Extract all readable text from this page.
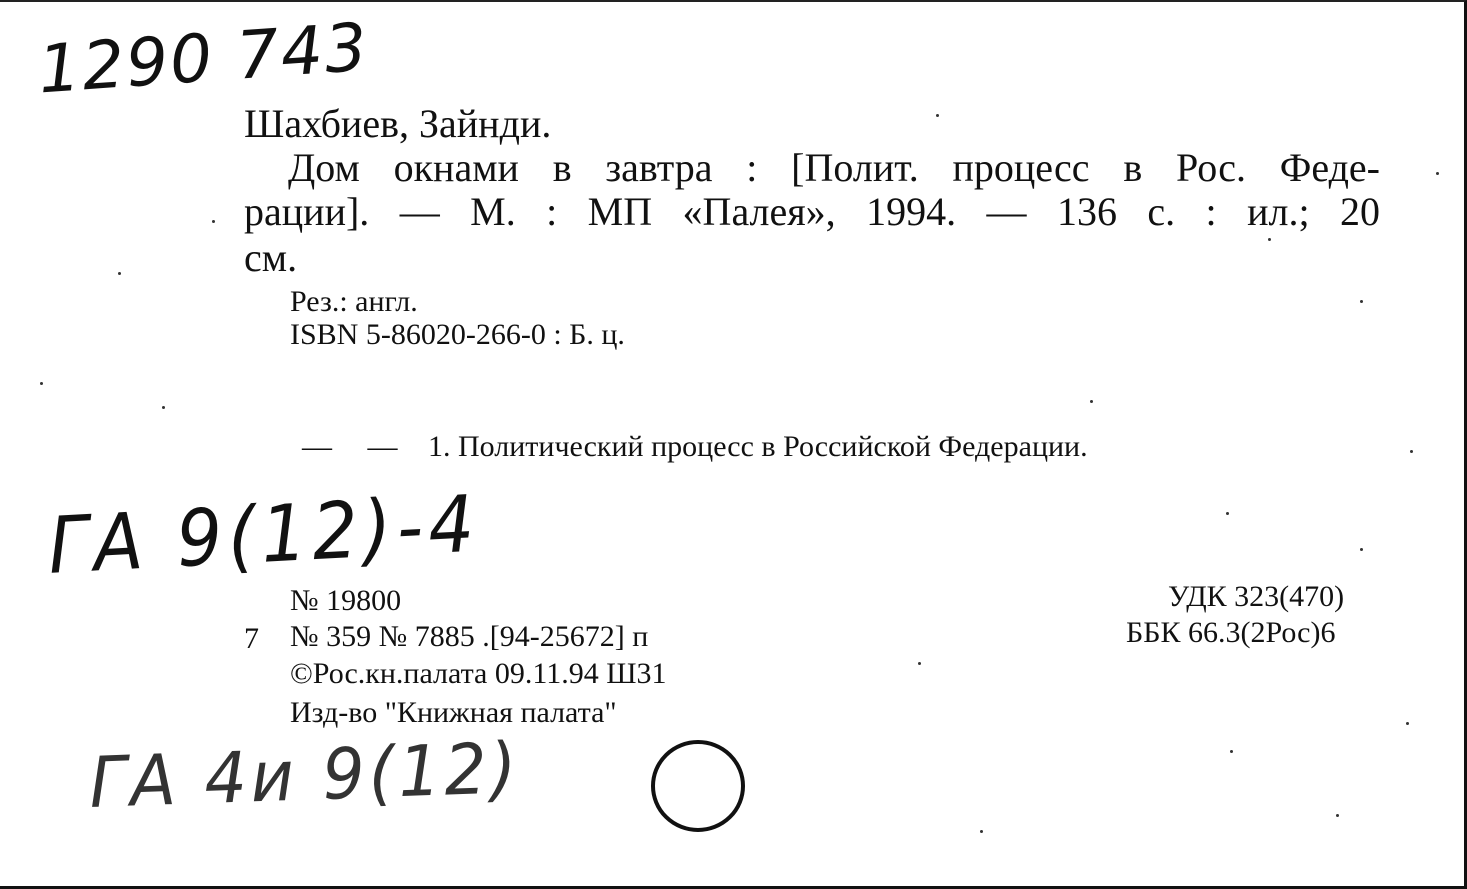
1290 743
Шахбиев, Зайнди.
Дом окнами в завтра : [Полит. процесс в Рос. Феде-
рации]. — М. : МП «Палея», 1994. — 136 с. : ил.; 20
см.
Рез.: англ.
ISBN 5-86020-266-0 : Б. ц.
— — 1. Политический процесс в Российской Федерации.
ГА 9(12)-4
7
№ 19800
№ 359 № 7885 .[94-25672] п
©Рос.кн.палата 09.11.94 Ш31
Изд-во "Книжная палата"
УДК 323(470)
ББК 66.3(2Рос)6
ГА 4и 9(12)
